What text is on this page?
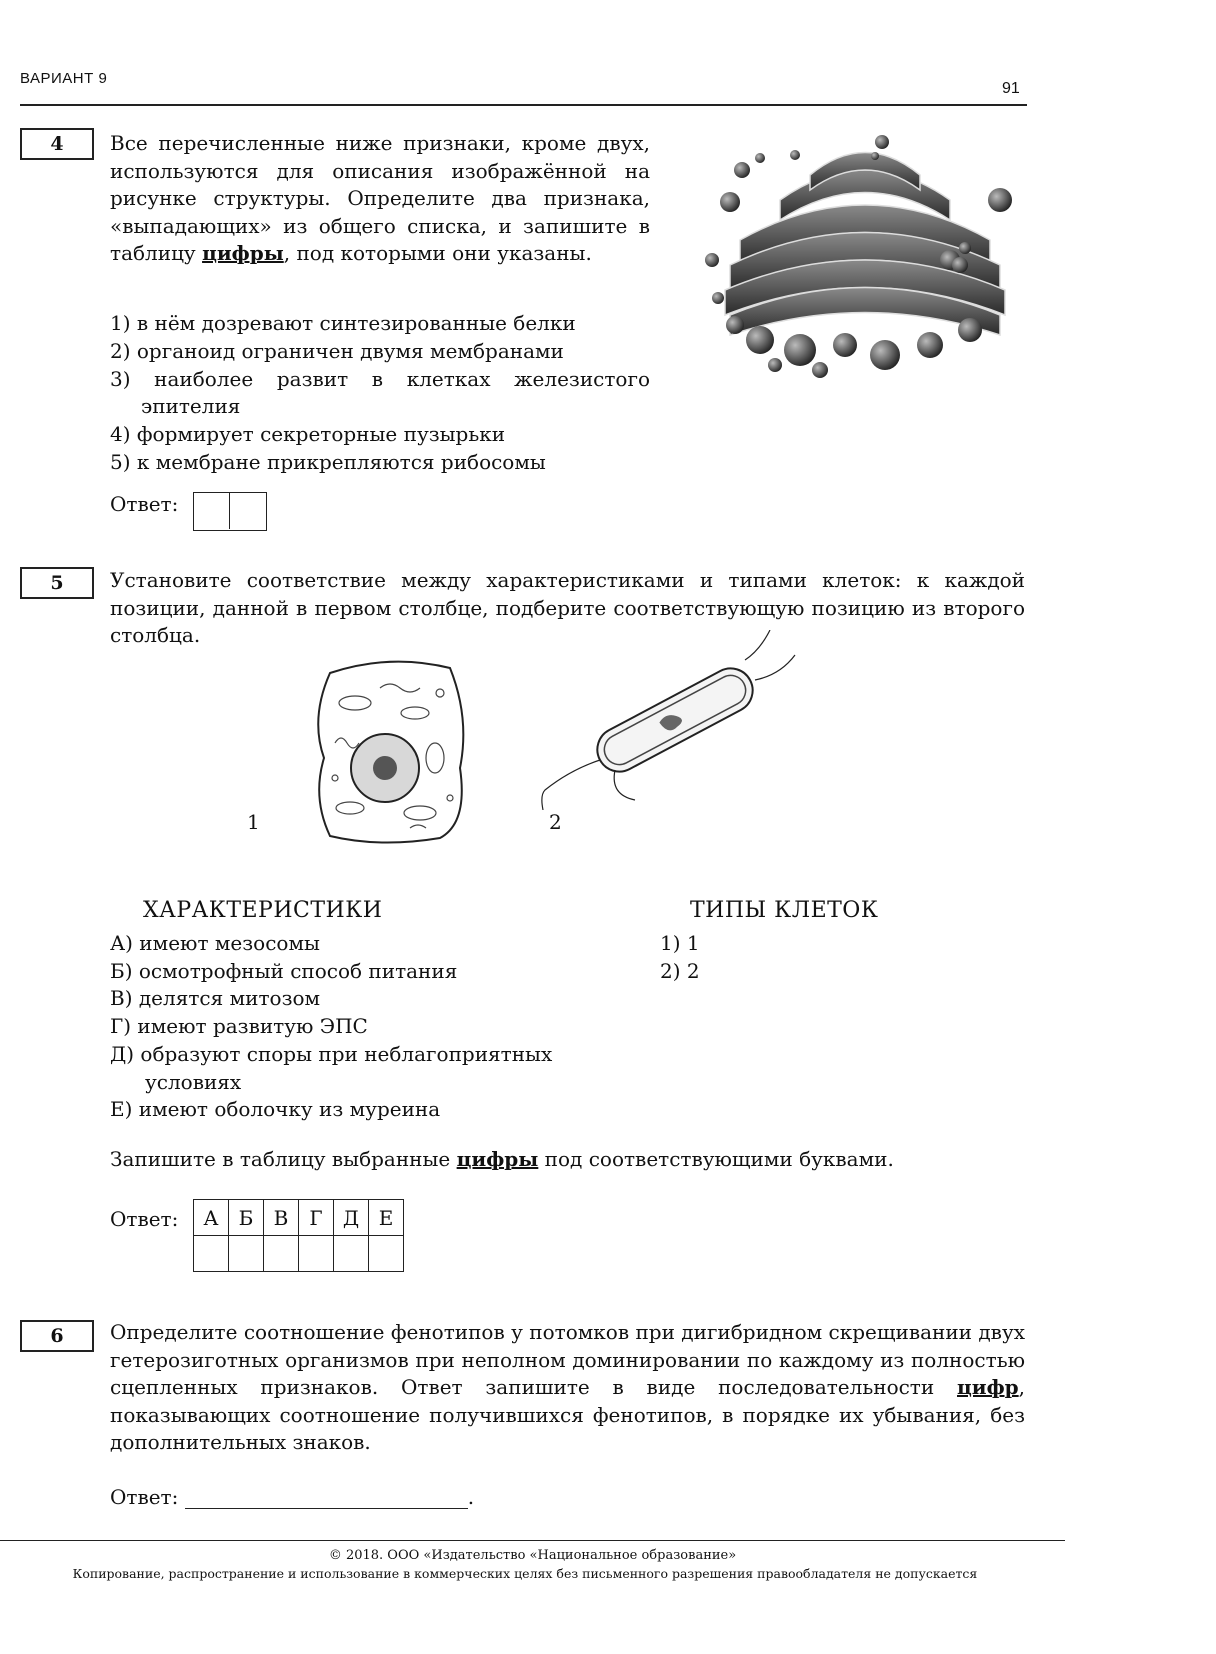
ВАРИАНТ 9
91
4	Все перечисленные ниже признаки, кроме двух, используются для описания изображённой на рисунке структуры. Определите два признака, «выпадающих» из общего списка, и запишите в таблицу цифры, под которыми они указаны.
1) в нём дозревают синтезированные белки
2) органоид ограничен двумя мембранами
3) наиболее развит в клетках железистого
эпителия
4) формирует секреторные пузырьки
5) к мембране прикрепляются рибосомы
Ответ:
5	Установите соответствие между характеристиками и типами клеток: к каждой позиции, данной в первом столбце, подберите соответствующую позицию из второго столбца.
1	2
ХАРАКТЕРИСТИКИ	ТИПЫ КЛЕТОК
А) имеют мезосомы
Б) осмотрофный способ питания
В) делятся митозом
Г) имеют развитую ЭПС
Д) образуют споры при неблагоприятных
условиях
Е) имеют оболочку из муреина
1) 1
2) 2
Запишите в таблицу выбранные цифры под соответствующими буквами.
Ответ: А	Б	В	Г	Д	Е

6	Определите соотношение фенотипов у потомков при дигибридном скрещивании двух гетерозиготных организмов при неполном доминировании по каждому из полностью сцепленных признаков. Ответ запишите в виде последовательности цифр, показывающих соотношение получившихся фенотипов, в порядке их убывания, без дополнительных знаков.
Ответ:	.
© 2018. ООО «Издательство «Национальное образование»
Копирование, распространение и использование в коммерческих целях без письменного разрешения правообладателя не допускается
